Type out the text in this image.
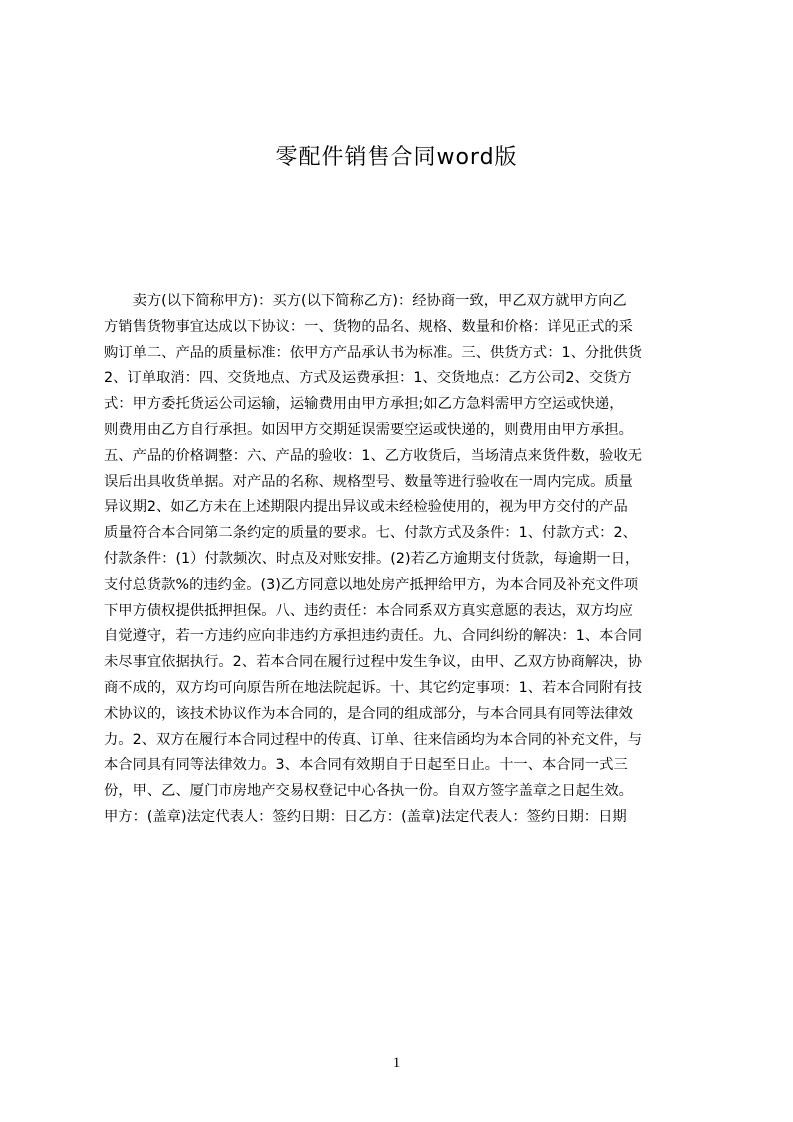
零配件销售合同word版
　　卖方(以下简称甲方)：买方(以下简称乙方)：经协商一致，甲乙双方就甲方向乙
方销售货物事宜达成以下协议：一、货物的品名、规格、数量和价格：详见正式的采
购订单二、产品的质量标准：依甲方产品承认书为标准。三、供货方式：1、分批供货
2、订单取消：四、交货地点、方式及运费承担：1、交货地点：乙方公司2、交货方
式：甲方委托货运公司运输，运输费用由甲方承担;如乙方急料需甲方空运或快递，
则费用由乙方自行承担。如因甲方交期延误需要空运或快递的，则费用由甲方承担。
五、产品的价格调整：六、产品的验收：1、乙方收货后，当场清点来货件数，验收无
误后出具收货单据。对产品的名称、规格型号、数量等进行验收在一周内完成。质量
异议期2、如乙方未在上述期限内提出异议或未经检验使用的，视为甲方交付的产品
质量符合本合同第二条约定的质量的要求。七、付款方式及条件：1、付款方式：2、
付款条件：(1）付款频次、时点及对账安排。(2)若乙方逾期支付货款，每逾期一日，
支付总货款%的违约金。(3)乙方同意以地处房产抵押给甲方，为本合同及补充文件项
下甲方债权提供抵押担保。八、违约责任：本合同系双方真实意愿的表达，双方均应
自觉遵守，若一方违约应向非违约方承担违约责任。九、合同纠纷的解决：1、本合同
未尽事宜依据执行。2、若本合同在履行过程中发生争议，由甲、乙双方协商解决，协
商不成的，双方均可向原告所在地法院起诉。十、其它约定事项：1、若本合同附有技
术协议的，该技术协议作为本合同的，是合同的组成部分，与本合同具有同等法律效
力。2、双方在履行本合同过程中的传真、订单、往来信函均为本合同的补充文件，与
本合同具有同等法律效力。3、本合同有效期自于日起至日止。十一、本合同一式三
份，甲、乙、厦门市房地产交易权登记中心各执一份。自双方签字盖章之日起生效。
甲方：(盖章)法定代表人：签约日期：日乙方：(盖章)法定代表人：签约日期：日期
1
